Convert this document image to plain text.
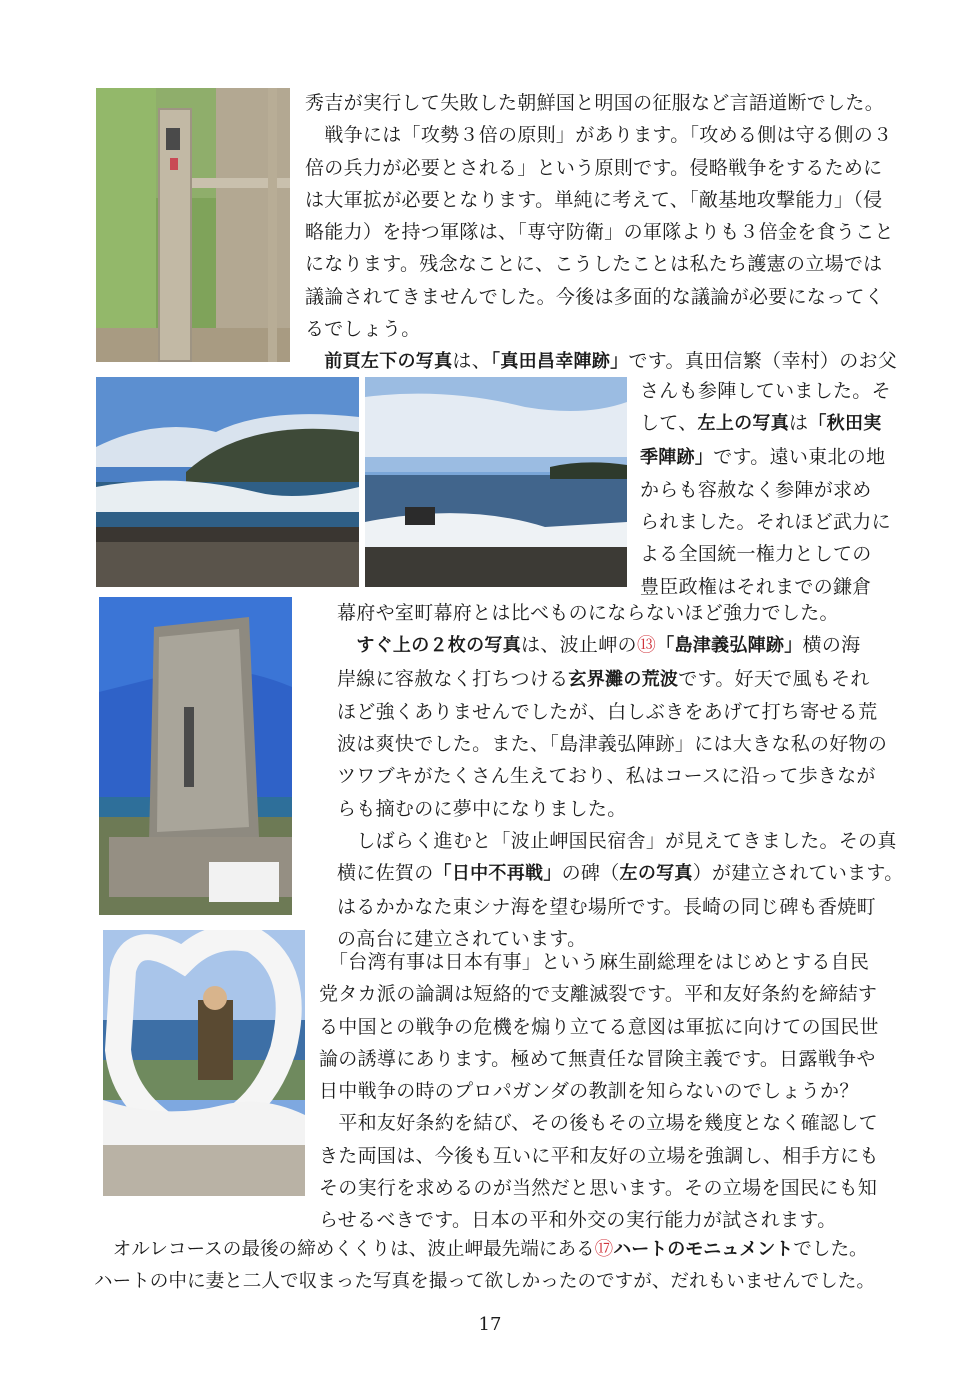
秀吉が実行して失敗した朝鮮国と明国の征服など言語道断でした。

　戦争には「攻勢３倍の原則」があります。「攻める側は守る側の３

倍の兵力が必要とされる」という原則です。侵略戦争をするために

は大軍拡が必要となります。単純に考えて、「敵基地攻撃能力」（侵

略能力）を持つ軍隊は、「専守防衛」の軍隊よりも３倍金を食うこと

になります。残念なことに、こうしたことは私たち護憲の立場では

議論されてきませんでした。今後は多面的な議論が必要になってく

るでしょう。

　前頁左下の写真は、「真田昌幸陣跡」です。真田信繁（幸村）のお父

さんも参陣していました。そ

して、左上の写真は「秋田実

季陣跡」です。遠い東北の地

からも容赦なく参陣が求め

られました。それほど武力に

よる全国統一権力としての

豊臣政権はそれまでの鎌倉

幕府や室町幕府とは比べものにならないほど強力でした。

　すぐ上の２枚の写真は、波止岬の⑬「島津義弘陣跡」横の海

岸線に容赦なく打ちつける玄界灘の荒波です。好天で風もそれ

ほど強くありませんでしたが、白しぶきをあげて打ち寄せる荒

波は爽快でした。また、「島津義弘陣跡」には大きな私の好物の

ツワブキがたくさん生えており、私はコースに沿って歩きなが

らも摘むのに夢中になりました。

　しばらく進むと「波止岬国民宿舎」が見えてきました。その真

横に佐賀の「日中不再戦」の碑（左の写真）が建立されています。

はるかかなた東シナ海を望む場所です。長崎の同じ碑も香焼町

の高台に建立されています。

　「台湾有事は日本有事」という麻生副総理をはじめとする自民

党タカ派の論調は短絡的で支離滅裂です。平和友好条約を締結す

る中国との戦争の危機を煽り立てる意図は軍拡に向けての国民世

論の誘導にあります。極めて無責任な冒険主義です。日露戦争や

日中戦争の時のプロパガンダの教訓を知らないのでしょうか？

　平和友好条約を結び、その後もその立場を幾度となく確認して

きた両国は、今後も互いに平和友好の立場を強調し、相手方にも

その実行を求めるのが当然だと思います。その立場を国民にも知

らせるべきです。日本の平和外交の実行能力が試されます。

　オルレコースの最後の締めくくりは、波止岬最先端にある⑰ハートのモニュメントでした。

ハートの中に妻と二人で収まった写真を撮って欲しかったのですが、だれもいませんでした。

17
